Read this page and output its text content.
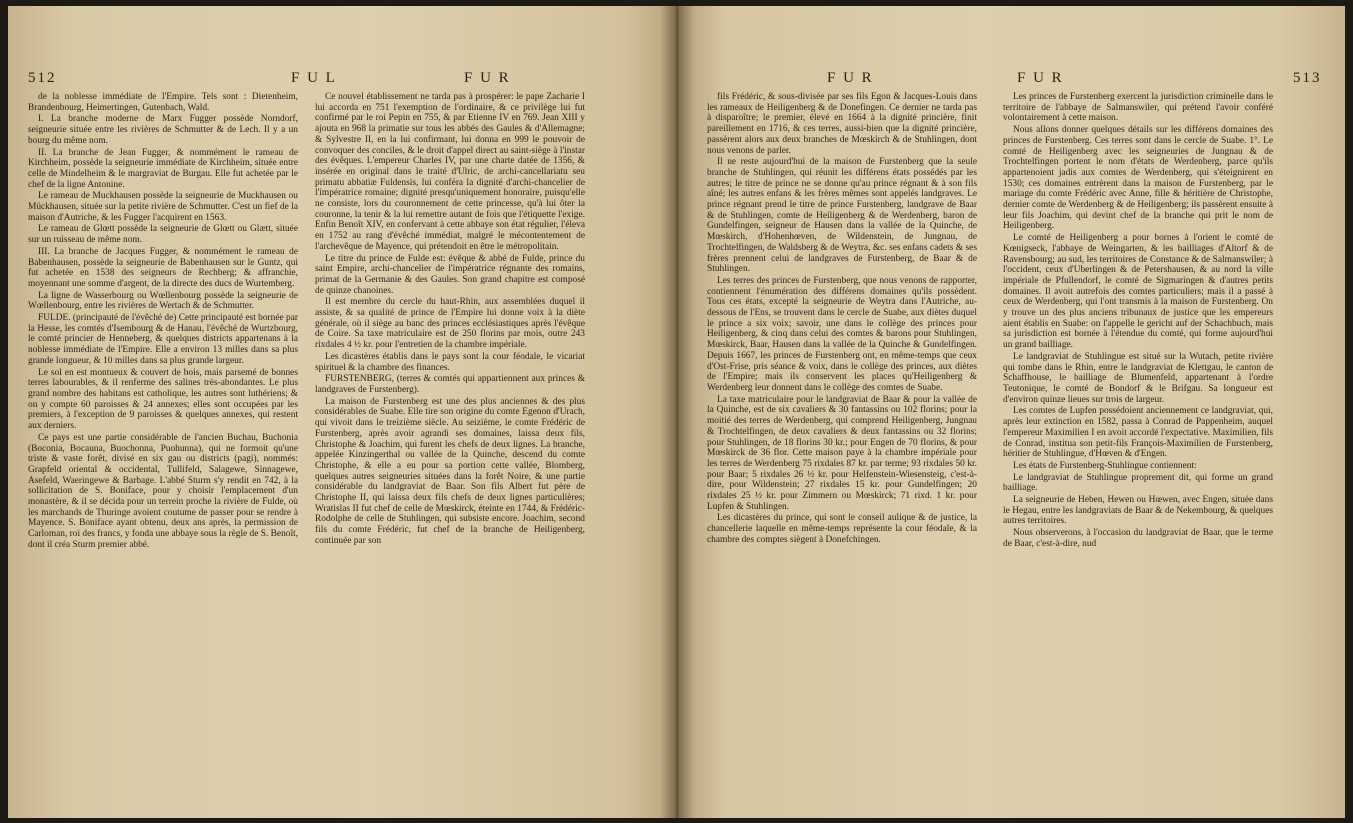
512	F U L	F U R

de la noblesse immédiate de l'Empire. Tels sont : Dietenheim, Brandenbourg, Heimertingen, Gutenbach, Wald.

I. La branche moderne de Marx Fugger possède Norndorf, seigneurie située entre les rivières de Schmutter & de Lech. Il y a un bourg du même nom.

II. La branche de Jean Fugger, & nommément le rameau de Kirchheim, possède la seigneurie immédiate de Kirchheim, située entre celle de Mindelheim & le margraviat de Burgau. Elle fut achetée par le chef de la ligne Antonine.

Le rameau de Muckhausen possède la seigneurie de Muckhausen ou Mückhausen, située sur la petite rivière de Schmutter. C'est un fief de la maison d'Autriche, & les Fugger l'acquirent en 1563.

Le rameau de Glœtt possède la seigneurie de Glœtt ou Glætt, située sur un ruisseau de même nom.

III. La branche de Jacques Fugger, & nommément le rameau de Babenhausen, possède la seigneurie de Babenhausen sur le Guntz, qui fut achetée en 1538 des seigneurs de Rechberg; & affranchie, moyennant une somme d'argent, de la directe des ducs de Wurtemberg.

La ligne de Wasserbourg ou Wœllenbourg possède la seigneurie de Wœllenbourg, entre les rivières de Wertach & de Schmutter.

FULDE. (principauté de l'évêché de) Cette principauté est bornée par la Hesse, les comtés d'Isembourg & de Hanau, l'évêché de Wurtzbourg, le comté princier de Henneberg, & quelques districts appartenans à la noblesse immédiate de l'Empire. Elle a environ 13 milles dans sa plus grande longueur, & 10 milles dans sa plus grande largeur.

Le sol en est montueux & couvert de bois, mais parsemé de bonnes terres labourables, & il renferme des salines très-abondantes. Le plus grand nombre des habitans est catholique, les autres sont luthériens; & on y compte 60 paroisses & 24 annexes; elles sont occupées par les premiers, à l'exception de 9 paroisses & quelques annexes, qui restent aux derniers.

Ce pays est une partie considérable de l'ancien Buchau, Buchonia (Boconia, Bocauna, Buochonna, Puohunna), qui ne formoit qu'une triste & vaste forêt, divisé en six gau ou districts (pagi), nommés: Grapfeld oriental & occidental, Tullifeld, Salagewe, Sinnagewe, Asefeld, Waeringewe & Barbage. L'abbé Sturm s'y rendit en 742, à la sollicitation de S. Boniface, pour y choisir l'emplacement d'un monastère, & il se décida pour un terrein proche la rivière de Fulde, où les marchands de Thuringe avoient coutume de passer pour se rendre à Mayence. S. Boniface ayant obtenu, deux ans après, la permission de Carloman, roi des francs, y fonda une abbaye sous la règle de S. Benoît, dont il créa Sturm premier abbé.

Ce nouvel établissement ne tarda pas à prospérer: le pape Zacharie I lui accorda en 751 l'exemption de l'ordinaire, & ce privilège lui fut confirmé par le roi Pepin en 755, & par Etienne IV en 769. Jean XIII y ajouta en 968 la primatie sur tous les abbés des Gaules & d'Allemagne; & Sylvestre II, en la lui confirmant, lui donna en 999 le pouvoir de convoquer des conciles, & le droit d'appel direct au saint-siège à l'instar des évêques. L'empereur Charles IV, par une charte datée de 1356, & insérée en original dans le traité d'Ulric, de archi-cancellariatu seu primatu abbatiæ Fuldensis, lui conféra la dignité d'archi-chancelier de l'impératrice romaine; dignité presqu'uniquement honoraire, puisqu'elle ne consiste, lors du couronnement de cette princesse, qu'à lui ôter la couronne, la tenir & la lui remettre autant de fois que l'étiquette l'exige. Enfin Benoît XIV, en confervant à cette abbaye son état régulier, l'éleva en 1752 au rang d'évêché immédiat, malgré le mécontentement de l'archevêque de Mayence, qui prétendoit en être le métropolitain.

Le titre du prince de Fulde est: évêque & abbé de Fulde, prince du saint Empire, archi-chancelier de l'impératrice régnante des romains, primat de la Germanie & des Gaules. Son grand chapitre est composé de quinze chanoines.

Il est membre du cercle du haut-Rhin, aux assemblées duquel il assiste, & sa qualité de prince de l'Empire lui donne voix à la diète générale, où il siège au banc des princes ecclésiastiques après l'évêque de Coire. Sa taxe matriculaire est de 250 florins par mois, outre 243 rixdales 4 ½ kr. pour l'entretien de la chambre impériale.

Les dicastères établis dans le pays sont la cour féodale, le vicariat spirituel & la chambre des finances.

FURSTENBERG, (terres & comtés qui appartiennent aux princes & landgraves de Furstenberg).

La maison de Furstenberg est une des plus anciennes & des plus considérables de Suabe. Elle tire son origine du comte Egenon d'Urach, qui vivoit dans le treizième siècle. Au seizième, le comte Frédéric de Furstenberg, après avoir agrandi ses domaines, laissa deux fils, Christophe & Joachim, qui furent les chefs de deux lignes. La branche, appelée Kinzingerthal ou vallée de la Quinche, descend du comte Christophe, & elle a eu pour sa portion cette vallée, Blomberg, quelques autres seigneuries situées dans la forêt Noire, & une partie considérable du landgraviat de Baar. Son fils Albert fut père de Christophe II, qui laissa deux fils chefs de deux lignes particulières; Wratislas II fut chef de celle de Mœskirck, éteinte en 1744, & Frédéric-Rodolphe de celle de Stuhlingen, qui subsiste encore. Joachim, second fils du comte Frédéric, fut chef de la branche de Heiligenberg, continuée par son

F U R	F U R	513

fils Frédéric, & sous-divisée par ses fils Egon & Jacques-Louis dans les rameaux de Heiligenberg & de Donefingen. Ce dernier ne tarda pas à disparoître; le premier, élevé en 1664 à la dignité princière, finit pareillement en 1716, & ces terres, aussi-bien que la dignité princière, passèrent alors aux deux branches de Mœskirch & de Stuhlingen, dont nous venons de parler.

Il ne reste aujourd'hui de la maison de Furstenberg que la seule branche de Stuhlingen, qui réunit les différens états possédés par les autres; le titre de prince ne se donne qu'au prince régnant & à son fils aîné; les autres enfans & les frères mêmes sont appelés landgraves. Le prince régnant prend le titre de prince Furstenberg, landgrave de Baar & de Stuhlingen, comte de Heiligenberg & de Werdenberg, baron de Gundelfingen, seigneur de Hausen dans la vallée de la Quinche, de Mœskirch, d'Hohenhœven, de Wildenstein, de Jungnau, de Trochtelfingen, de Waldsberg & de Weytra, &c. ses enfans cadets & ses frères prennent celui de landgraves de Furstenberg, de Baar & de Stuhlingen.

Les terres des princes de Furstenberg, que nous venons de rapporter, contiennent l'énumération des différens domaines qu'ils possèdent. Tous ces états, excepté la seigneurie de Weytra dans l'Autriche, au-dessous de l'Ens, se trouvent dans le cercle de Suabe, aux diètes duquel le prince a six voix; savoir, une dans le collège des princes pour Heiligenberg, & cinq dans celui des comtes & barons pour Stuhlingen, Mœskirck, Baar, Hausen dans la vallée de la Quinche & Gundelfingen. Depuis 1667, les princes de Furstenberg ont, en même-temps que ceux d'Ost-Frise, pris séance & voix, dans le collège des princes, aux diètes de l'Empire; mais ils conservent les places qu'Heiligenberg & Werdenberg leur donnent dans le collège des comtes de Suabe.

La taxe matriculaire pour le landgraviat de Baar & pour la vallée de la Quinche, est de six cavaliers & 30 fantassins ou 102 florins; pour la moitié des terres de Werdenberg, qui comprend Heiligenberg, Jungnau & Trochtelfingen, de deux cavaliers & deux fantassins ou 32 florins; pour Stuhlingen, de 18 florins 30 kr.; pour Engen de 70 florins, & pour Mœskirck de 36 flor. Cette maison paye à la chambre impériale pour les terres de Werdenberg 75 rixdales 87 kr. par terme; 93 rixdales 50 kr. pour Baar; 5 rixdales 26 ½ kr. pour Helfenstein-Wiesensteig, c'est-à-dire, pour Wildenstein; 27 rixdales 15 kr. pour Gundelfingen; 20 rixdales 25 ½ kr. pour Zimmern ou Mœskirck; 71 rixd. 1 kr. pour Lupfen & Stuhlingen.

Les dicastères du prince, qui sont le conseil aulique & de justice, la chancellerie laquelle en même-temps représente la cour féodale, & la chambre des comptes siègent à Donefchingen.

Les princes de Furstenberg exercent la jurisdiction criminelle dans le territoire de l'abbaye de Salmanswiler, qui prétend l'avoir conféré volontairement à cette maison.

Nous allons donner quelques détails sur les différens domaines des princes de Furstenberg. Ces terres sont dans le cercle de Suabe. 1°. Le comté de Heiligenberg avec les seigneuries de Jungnau & de Trochtelfingen portent le nom d'états de Werdenberg, parce qu'ils appartenoient jadis aux comtes de Werdenberg, qui s'éteignirent en 1530; ces domaines entrèrent dans la maison de Furstenberg, par le mariage du comte Frédéric avec Anne, fille & héritière de Christophe, dernier comte de Werdenberg & de Heiligenberg; ils passèrent ensuite à leur fils Joachim, qui devint chef de la branche qui prit le nom de Heiligenberg.

Le comté de Heiligenberg a pour bornes à l'orient le comté de Kœnigseck, l'abbaye de Weingarten, & les bailliages d'Altorf & de Ravensbourg; au sud, les territoires de Constance & de Salmanswiler; à l'occident, ceux d'Uberlingen & de Petershausen, & au nord la ville impériale de Pfullendorf, le comté de Sigmaringen & d'autres petits domaines. Il avoit autrefois des comtes particuliers; mais il a passé à ceux de Werdenberg, qui l'ont transmis à la maison de Furstenberg. On y trouve un des plus anciens tribunaux de justice que les empereurs aient établis en Suabe: on l'appelle le gericht auf der Schachbuch, mais sa jurisdiction est bornée à l'étendue du comté, qui forme aujourd'hui un grand bailliage.

Le landgraviat de Stuhlingue est situé sur la Wutach, petite rivière qui tombe dans le Rhin, entre le landgraviat de Klettgau, le canton de Schaffhouse, le bailliage de Blumenfeld, appartenant à l'ordre Teutonique, le comté de Bondorf & le Brifgau. Sa longueur est d'environ quinze lieues sur trois de largeur.

Les comtes de Lupfen possédoient anciennement ce landgraviat, qui, après leur extinction en 1582, passa à Conrad de Pappenheim, auquel l'empereur Maximilien I en avoit accordé l'expectative. Maximilien, fils de Conrad, institua son petit-fils François-Maximilien de Furstenberg, héritier de Stuhlingue, d'Hœven & d'Engen.

Les états de Furstenberg-Stuhlingue contiennent:

Le landgraviat de Stuhlingue proprement dit, qui forme un grand bailliage.

La seigneurie de Heben, Hewen ou Hœwen, avec Engen, située dans le Hegau, entre les landgraviats de Baar & de Nekembourg, & quelques autres territoires.

Nous observerons, à l'occasion du landgraviat de Baar, que le terme de Baar, c'est-à-dire, nud
